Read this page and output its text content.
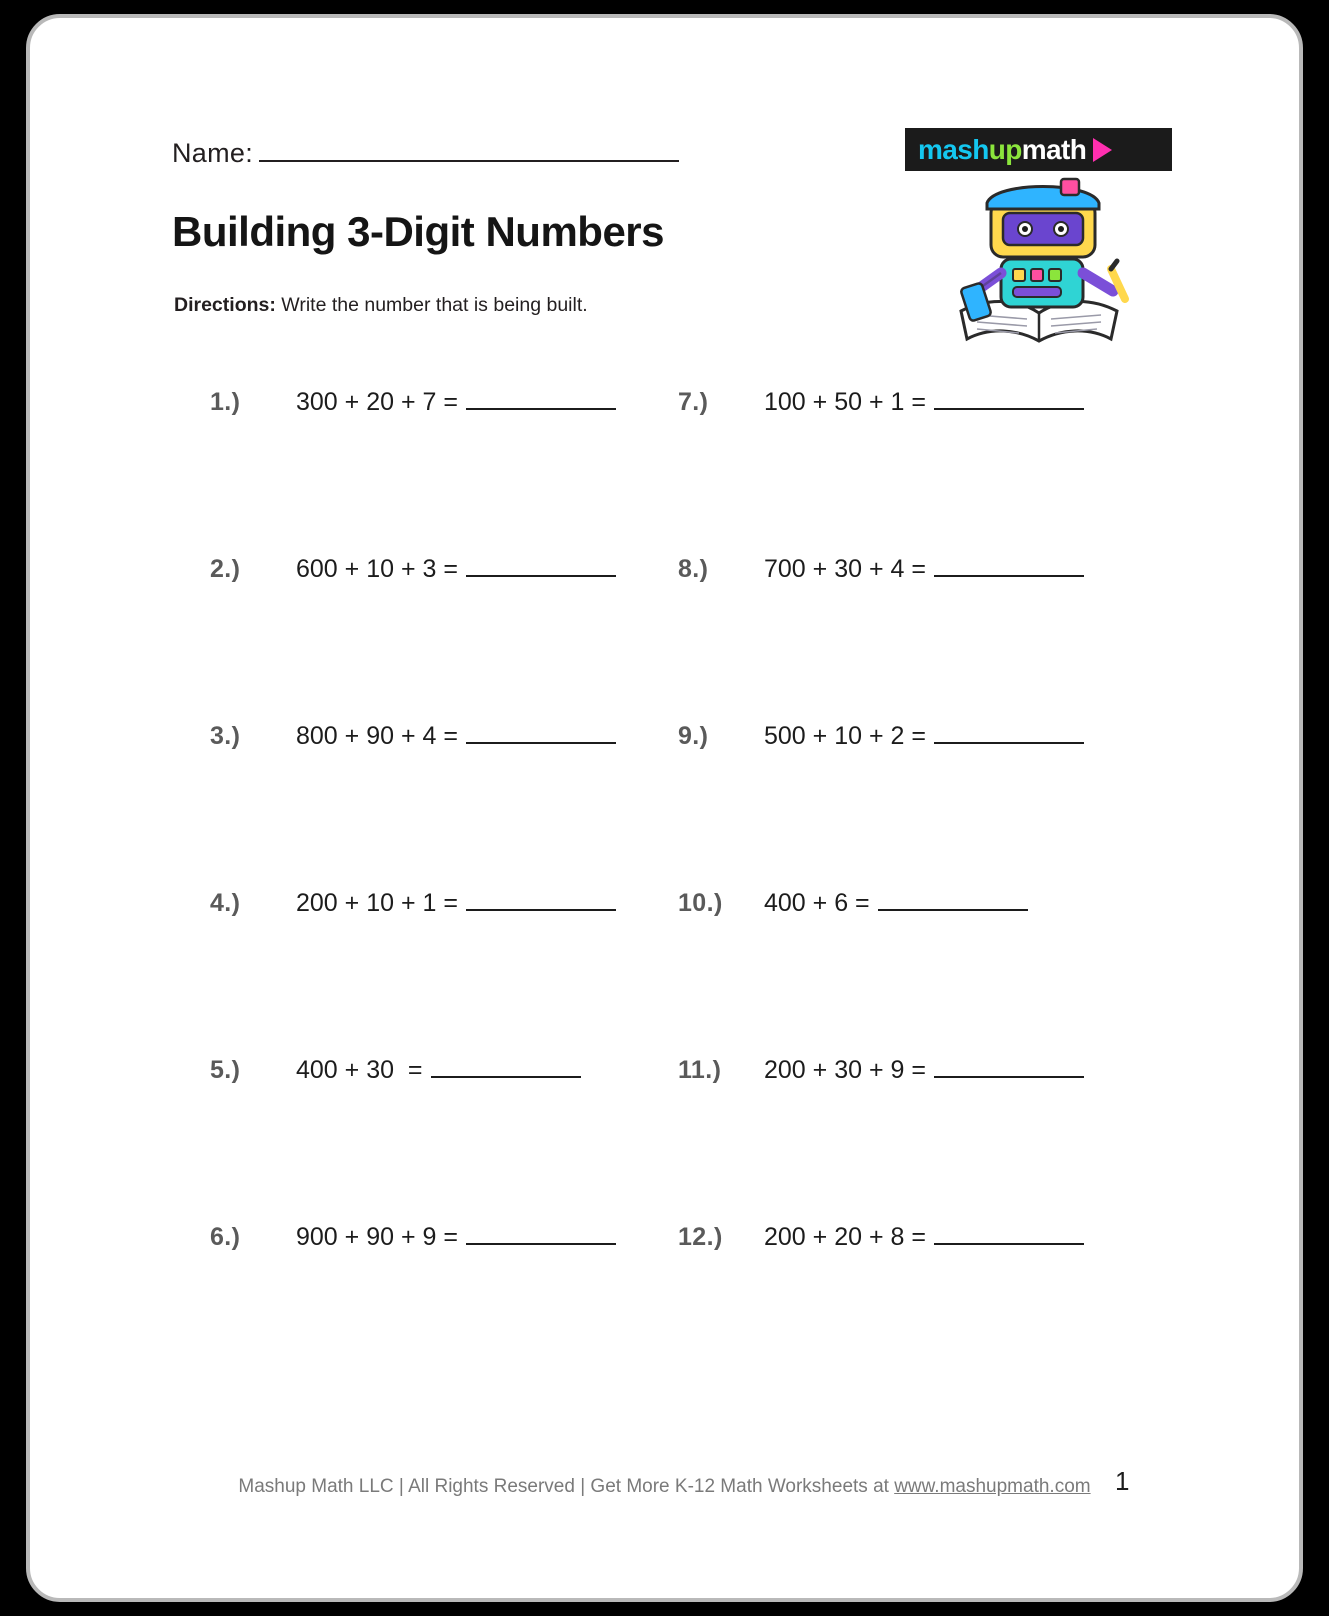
Name:
Building 3-Digit Numbers
Directions: Write the number that is being built.
mash up math
1.)	300 + 20 + 7 =	7.)	100 + 50 + 1 =
2.)	600 + 10 + 3 =	8.)	700 + 30 + 4 =
3.)	800 + 90 + 4 =	9.)	500 + 10 + 2 =
4.)	200 + 10 + 1 =	10.)	400 + 6 =
5.)	400 + 30  =	11.)	200 + 30 + 9 =
6.)	900 + 90 + 9 =	12.)	200 + 20 + 8 =
Mashup Math LLC | All Rights Reserved | Get More K-12 Math Worksheets at www.mashupmath.com 1
